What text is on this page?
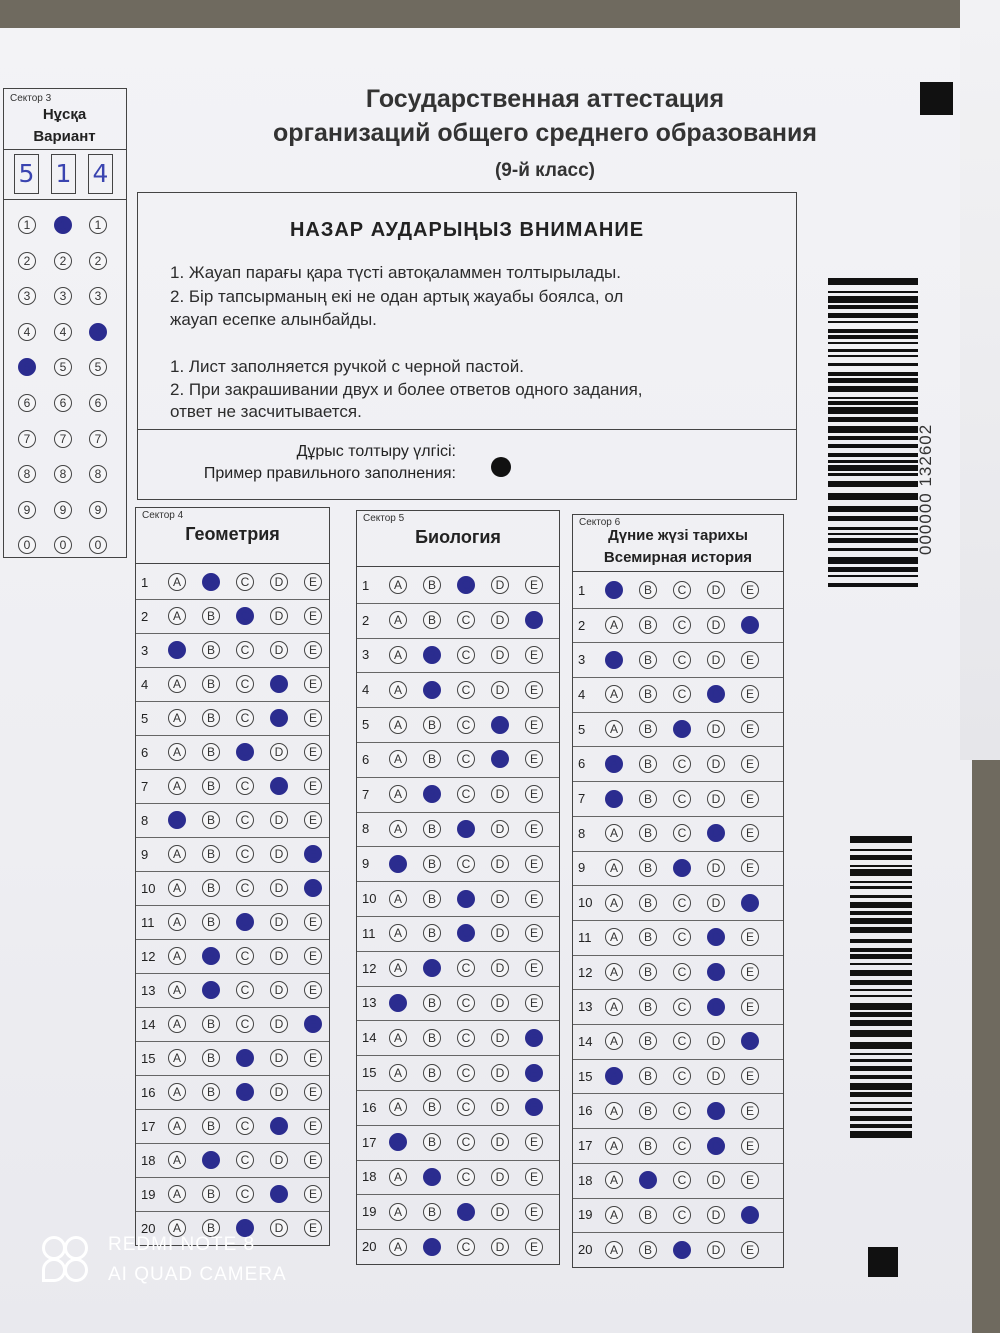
Государственная аттестация
организаций общего среднего образования
(9-й класс)
Сектор 3
Нұсқа
Вариант
5 1 4
1	1	1
2	2	2
3	3	3
4	4	4
5	5	5
6	6	6
7	7	7
8	8	8
9	9	9
0	0	0
НАЗАР АУДАРЫҢЫЗ ВНИМАНИЕ
1. Жауап парағы қара түсті автоқаламмен толтырылады.
2. Бір тапсырманың екі не одан артық жауабы боялса, ол
жауап есепке алынбайды.
1. Лист заполняется ручкой с черной пастой.
2. При закрашивании двух и более ответов одного задания,
ответ не засчитывается.
Дұрыс толтыру үлгісі:
Пример правильного заполнения:
Сектор 4
Геометрия
1	A	B	C	D	E
2	A	B	C	D	E
3	A	B	C	D	E
4	A	B	C	D	E
5	A	B	C	D	E
6	A	B	C	D	E
7	A	B	C	D	E
8	A	B	C	D	E
9	A	B	C	D	E
10	A	B	C	D	E
11	A	B	C	D	E
12	A	B	C	D	E
13	A	B	C	D	E
14	A	B	C	D	E
15	A	B	C	D	E
16	A	B	C	D	E
17	A	B	C	D	E
18	A	B	C	D	E
19	A	B	C	D	E
20	A	B	C	D	E
Сектор 5
Биология
1	A	B	C	D	E
2	A	B	C	D	E
3	A	B	C	D	E
4	A	B	C	D	E
5	A	B	C	D	E
6	A	B	C	D	E
7	A	B	C	D	E
8	A	B	C	D	E
9	A	B	C	D	E
10	A	B	C	D	E
11	A	B	C	D	E
12	A	B	C	D	E
13	A	B	C	D	E
14	A	B	C	D	E
15	A	B	C	D	E
16	A	B	C	D	E
17	A	B	C	D	E
18	A	B	C	D	E
19	A	B	C	D	E
20	A	B	C	D	E
Сектор 6
Дүние жүзі тарихы
Всемирная история
1	A	B	C	D	E
2	A	B	C	D	E
3	A	B	C	D	E
4	A	B	C	D	E
5	A	B	C	D	E
6	A	B	C	D	E
7	A	B	C	D	E
8	A	B	C	D	E
9	A	B	C	D	E
10	A	B	C	D	E
11	A	B	C	D	E
12	A	B	C	D	E
13	A	B	C	D	E
14	A	B	C	D	E
15	A	B	C	D	E
16	A	B	C	D	E
17	A	B	C	D	E
18	A	B	C	D	E
19	A	B	C	D	E
20	A	B	C	D	E
000000 132602
REDMI NOTE 8
AI QUAD CAMERA
